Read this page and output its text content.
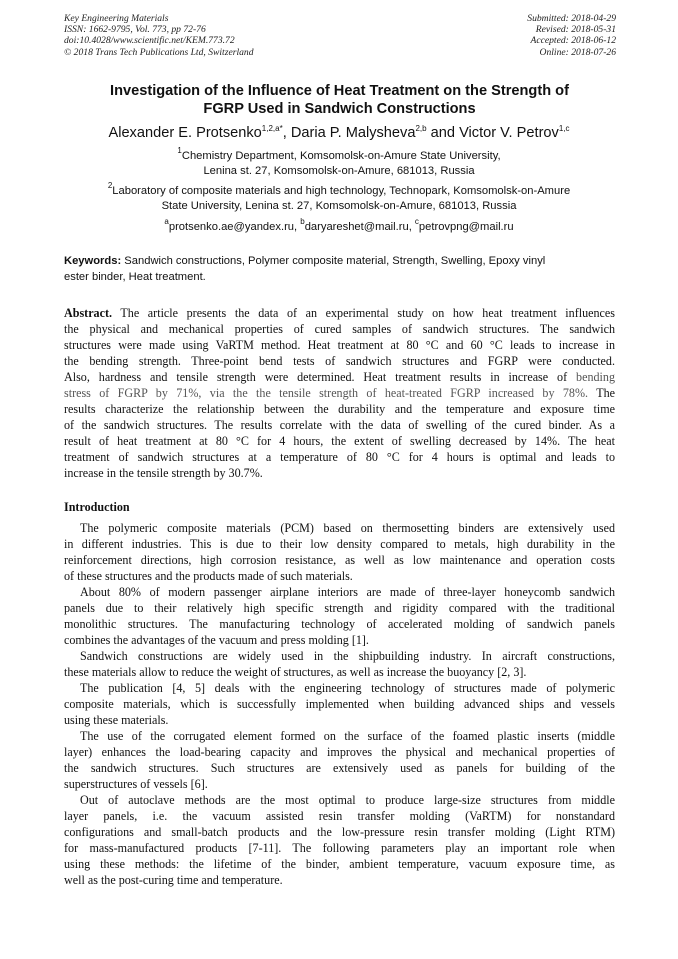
Key Engineering Materials
ISSN: 1662-9795, Vol. 773, pp 72-76
doi:10.4028/www.scientific.net/KEM.773.72
© 2018 Trans Tech Publications Ltd, Switzerland
Submitted: 2018-04-29
Revised: 2018-05-31
Accepted: 2018-06-12
Online: 2018-07-26
Investigation of the Influence of Heat Treatment on the Strength of
FGRP Used in Sandwich Constructions
Alexander E. Protsenko$^{1,2,a*}$, Daria P. Malysheva$^{2,b}$ and Victor V. Petrov$^{1,c}$
$^1$Chemistry Department, Komsomolsk-on-Amure State University,
Lenina st. 27, Komsomolsk-on-Amure, 681013, Russia
$^2$Laboratory of composite materials and high technology, Technopark, Komsomolsk-on-Amure
State University, Lenina st. 27, Komsomolsk-on-Amure, 681013, Russia
$^a$protsenko.ae@yandex.ru, $^b$daryareshet@mail.ru, $^c$petrovpng@mail.ru
Keywords: Sandwich constructions, Polymer composite material, Strength, Swelling, Epoxy vinyl
ester binder, Heat treatment.
Abstract. The article presents the data of an experimental study on how heat treatment influences
the physical and mechanical properties of cured samples of sandwich structures. The sandwich
structures were made using VaRTM method. Heat treatment at 80 °C and 60 °C leads to increase in
the bending strength. Three-point bend tests of sandwich structures and FGRP were conducted.
Also, hardness and tensile strength were determined. Heat treatment results in increase of bending
stress of FGRP by 71%, via the the tensile strength of heat-treated FGRP increased by 78%. The
results characterize the relationship between the durability and the temperature and exposure time
of the sandwich structures. The results correlate with the data of swelling of the cured binder. As a
result of heat treatment at 80 °C for 4 hours, the extent of swelling decreased by 14%. The heat
treatment of sandwich structures at a temperature of 80 °C for 4 hours is optimal and leads to
increase in the tensile strength by 30.7%.
Introduction
The polymeric composite materials (PCM) based on thermosetting binders are extensively used
in different industries. This is due to their low density compared to metals, high durability in the
reinforcement directions, high corrosion resistance, as well as low maintenance and operation costs
of these structures and the products made of such materials.
About 80% of modern passenger airplane interiors are made of three-layer honeycomb sandwich
panels due to their relatively high specific strength and rigidity compared with the traditional
monolithic structures. The manufacturing technology of accelerated molding of sandwich panels
combines the advantages of the vacuum and press molding [1].
Sandwich constructions are widely used in the shipbuilding industry. In aircraft constructions,
these materials allow to reduce the weight of structures, as well as increase the buoyancy [2, 3].
The publication [4, 5] deals with the engineering technology of structures made of polymeric
composite materials, which is successfully implemented when building advanced ships and vessels
using these materials.
The use of the corrugated element formed on the surface of the foamed plastic inserts (middle
layer) enhances the load-bearing capacity and improves the physical and mechanical properties of
the sandwich structures. Such structures are extensively used as panels for building of the
superstructures of vessels [6].
Out of autoclave methods are the most optimal to produce large-size structures from middle
layer panels, i.e. the vacuum assisted resin transfer molding (VaRTM) for nonstandard
configurations and small-batch products and the low-pressure resin transfer molding (Light RTM)
for mass-manufactured products [7-11]. The following parameters play an important role when
using these methods: the lifetime of the binder, ambient temperature, vacuum exposure time, as
well as the post-curing time and temperature.
